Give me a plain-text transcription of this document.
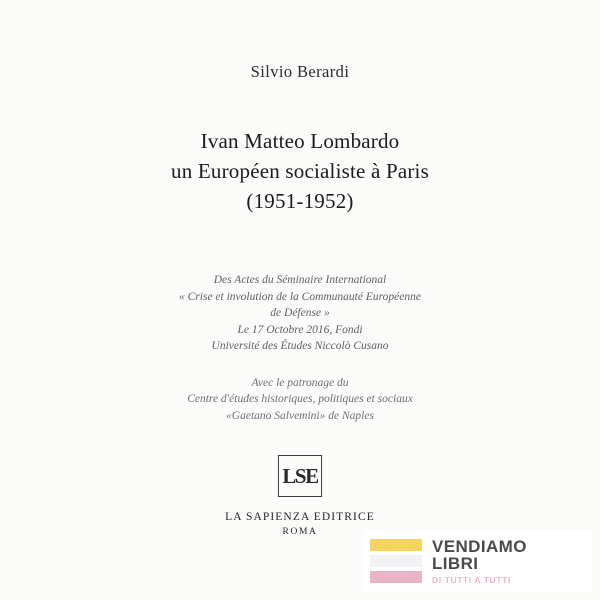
Silvio Berardi
Ivan Matteo Lombardo
un Européen socialiste à Paris
(1951-1952)
Des Actes du Séminaire International
« Crise et involution de la Communauté Européenne
de Défense »
Le 17 Octobre 2016, Fondi
Université des Études Niccolò Cusano
Avec le patronage du
Centre d'études historiques, politiques et sociaux
«Gaetano Salvemini» de Naples
LSE
LA SAPIENZA EDITRICE
ROMA
VENDIAMO
LIBRI
DI TUTTI A TUTTI
